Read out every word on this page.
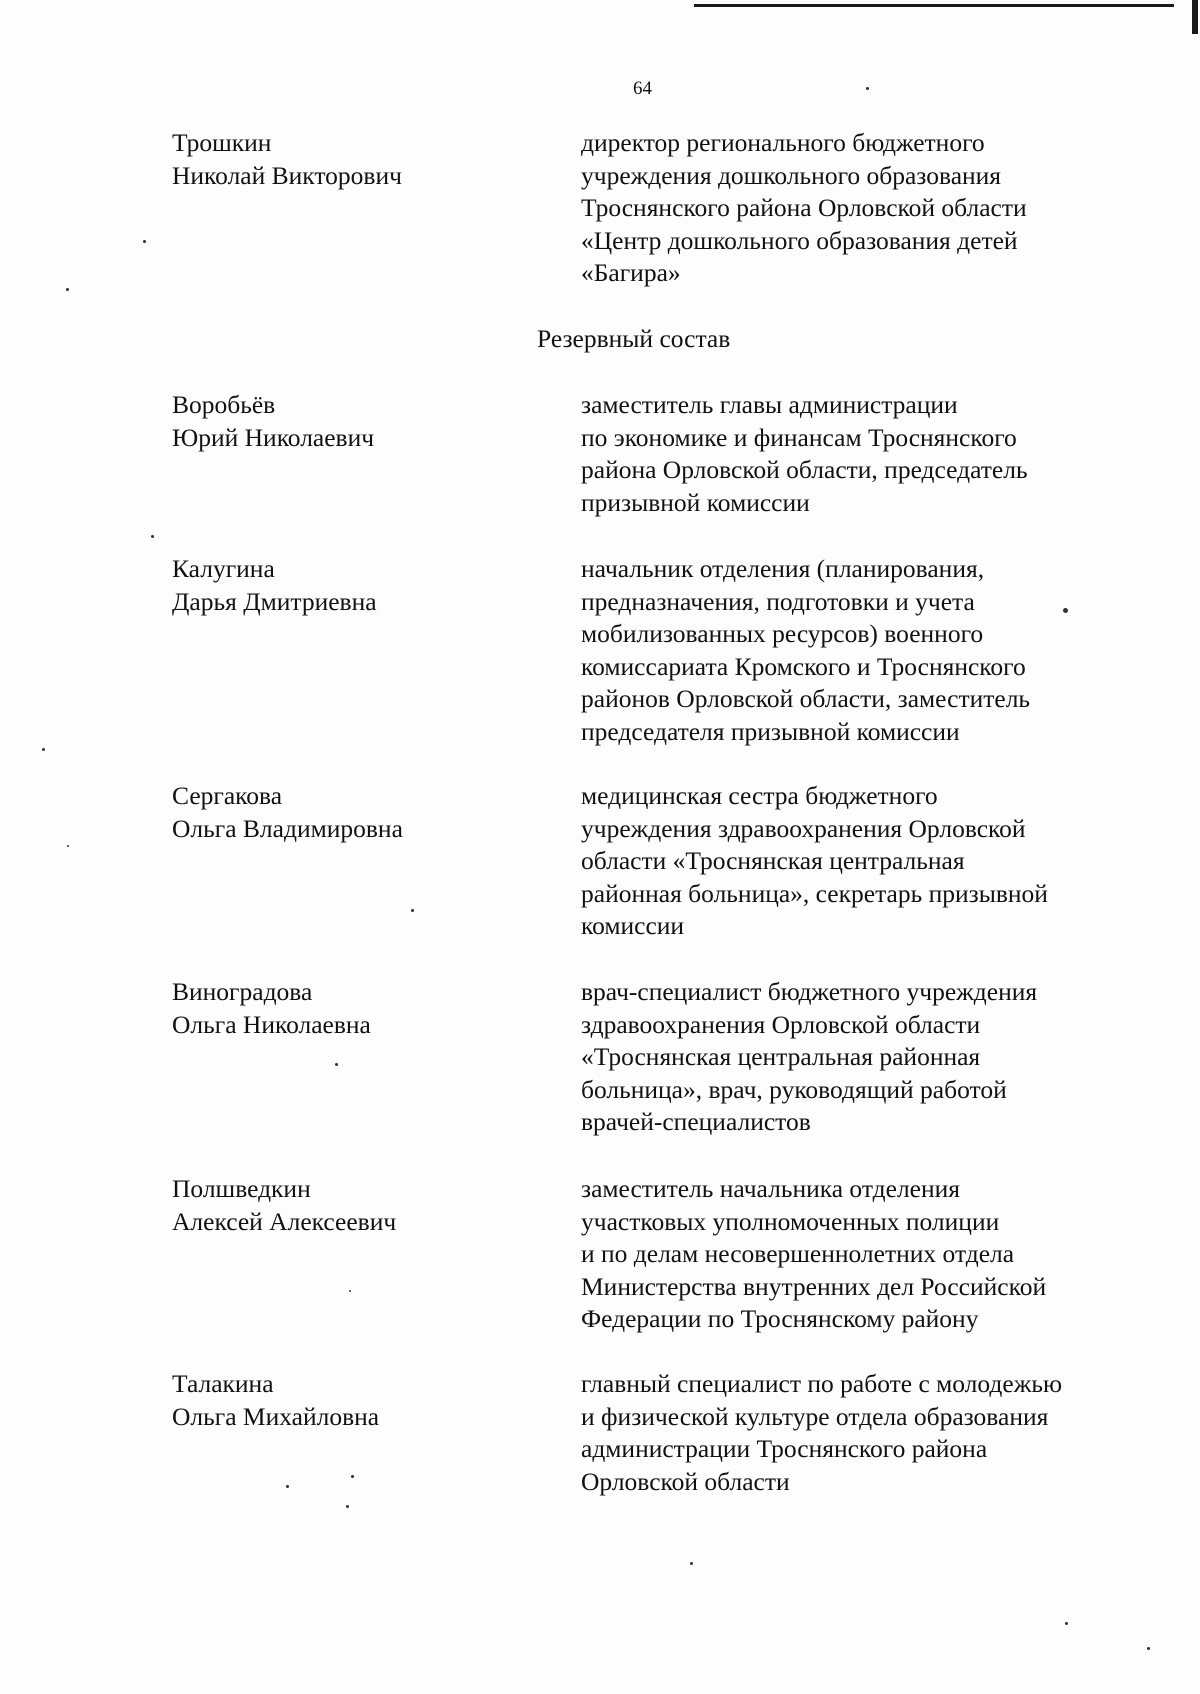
64

Трошкин
Николай Викторович

директор регионального бюджетного
учреждения дошкольного образования
Троснянского района Орловской области
«Центр дошкольного образования детей
«Багира»

Резервный состав

Воробьёв
Юрий Николаевич

заместитель главы администрации
по экономике и финансам Троснянского
района Орловской области, председатель
призывной комиссии

Калугина
Дарья Дмитриевна

начальник отделения (планирования,
предназначения, подготовки и учета
мобилизованных ресурсов) военного
комиссариата Кромского и Троснянского
районов Орловской области, заместитель
председателя призывной комиссии

Сергакова
Ольга Владимировна

медицинская сестра бюджетного
учреждения здравоохранения Орловской
области «Троснянская центральная
районная больница», секретарь призывной
комиссии

Виноградова
Ольга Николаевна

врач-специалист бюджетного учреждения
здравоохранения Орловской области
«Троснянская центральная районная
больница», врач, руководящий работой
врачей-специалистов

Полшведкин
Алексей Алексеевич

заместитель начальника отделения
участковых уполномоченных полиции
и по делам несовершеннолетних отдела
Министерства внутренних дел Российской
Федерации по Троснянскому району

Талакина
Ольга Михайловна

главный специалист по работе с молодежью
и физической культуре отдела образования
администрации Троснянского района
Орловской области
